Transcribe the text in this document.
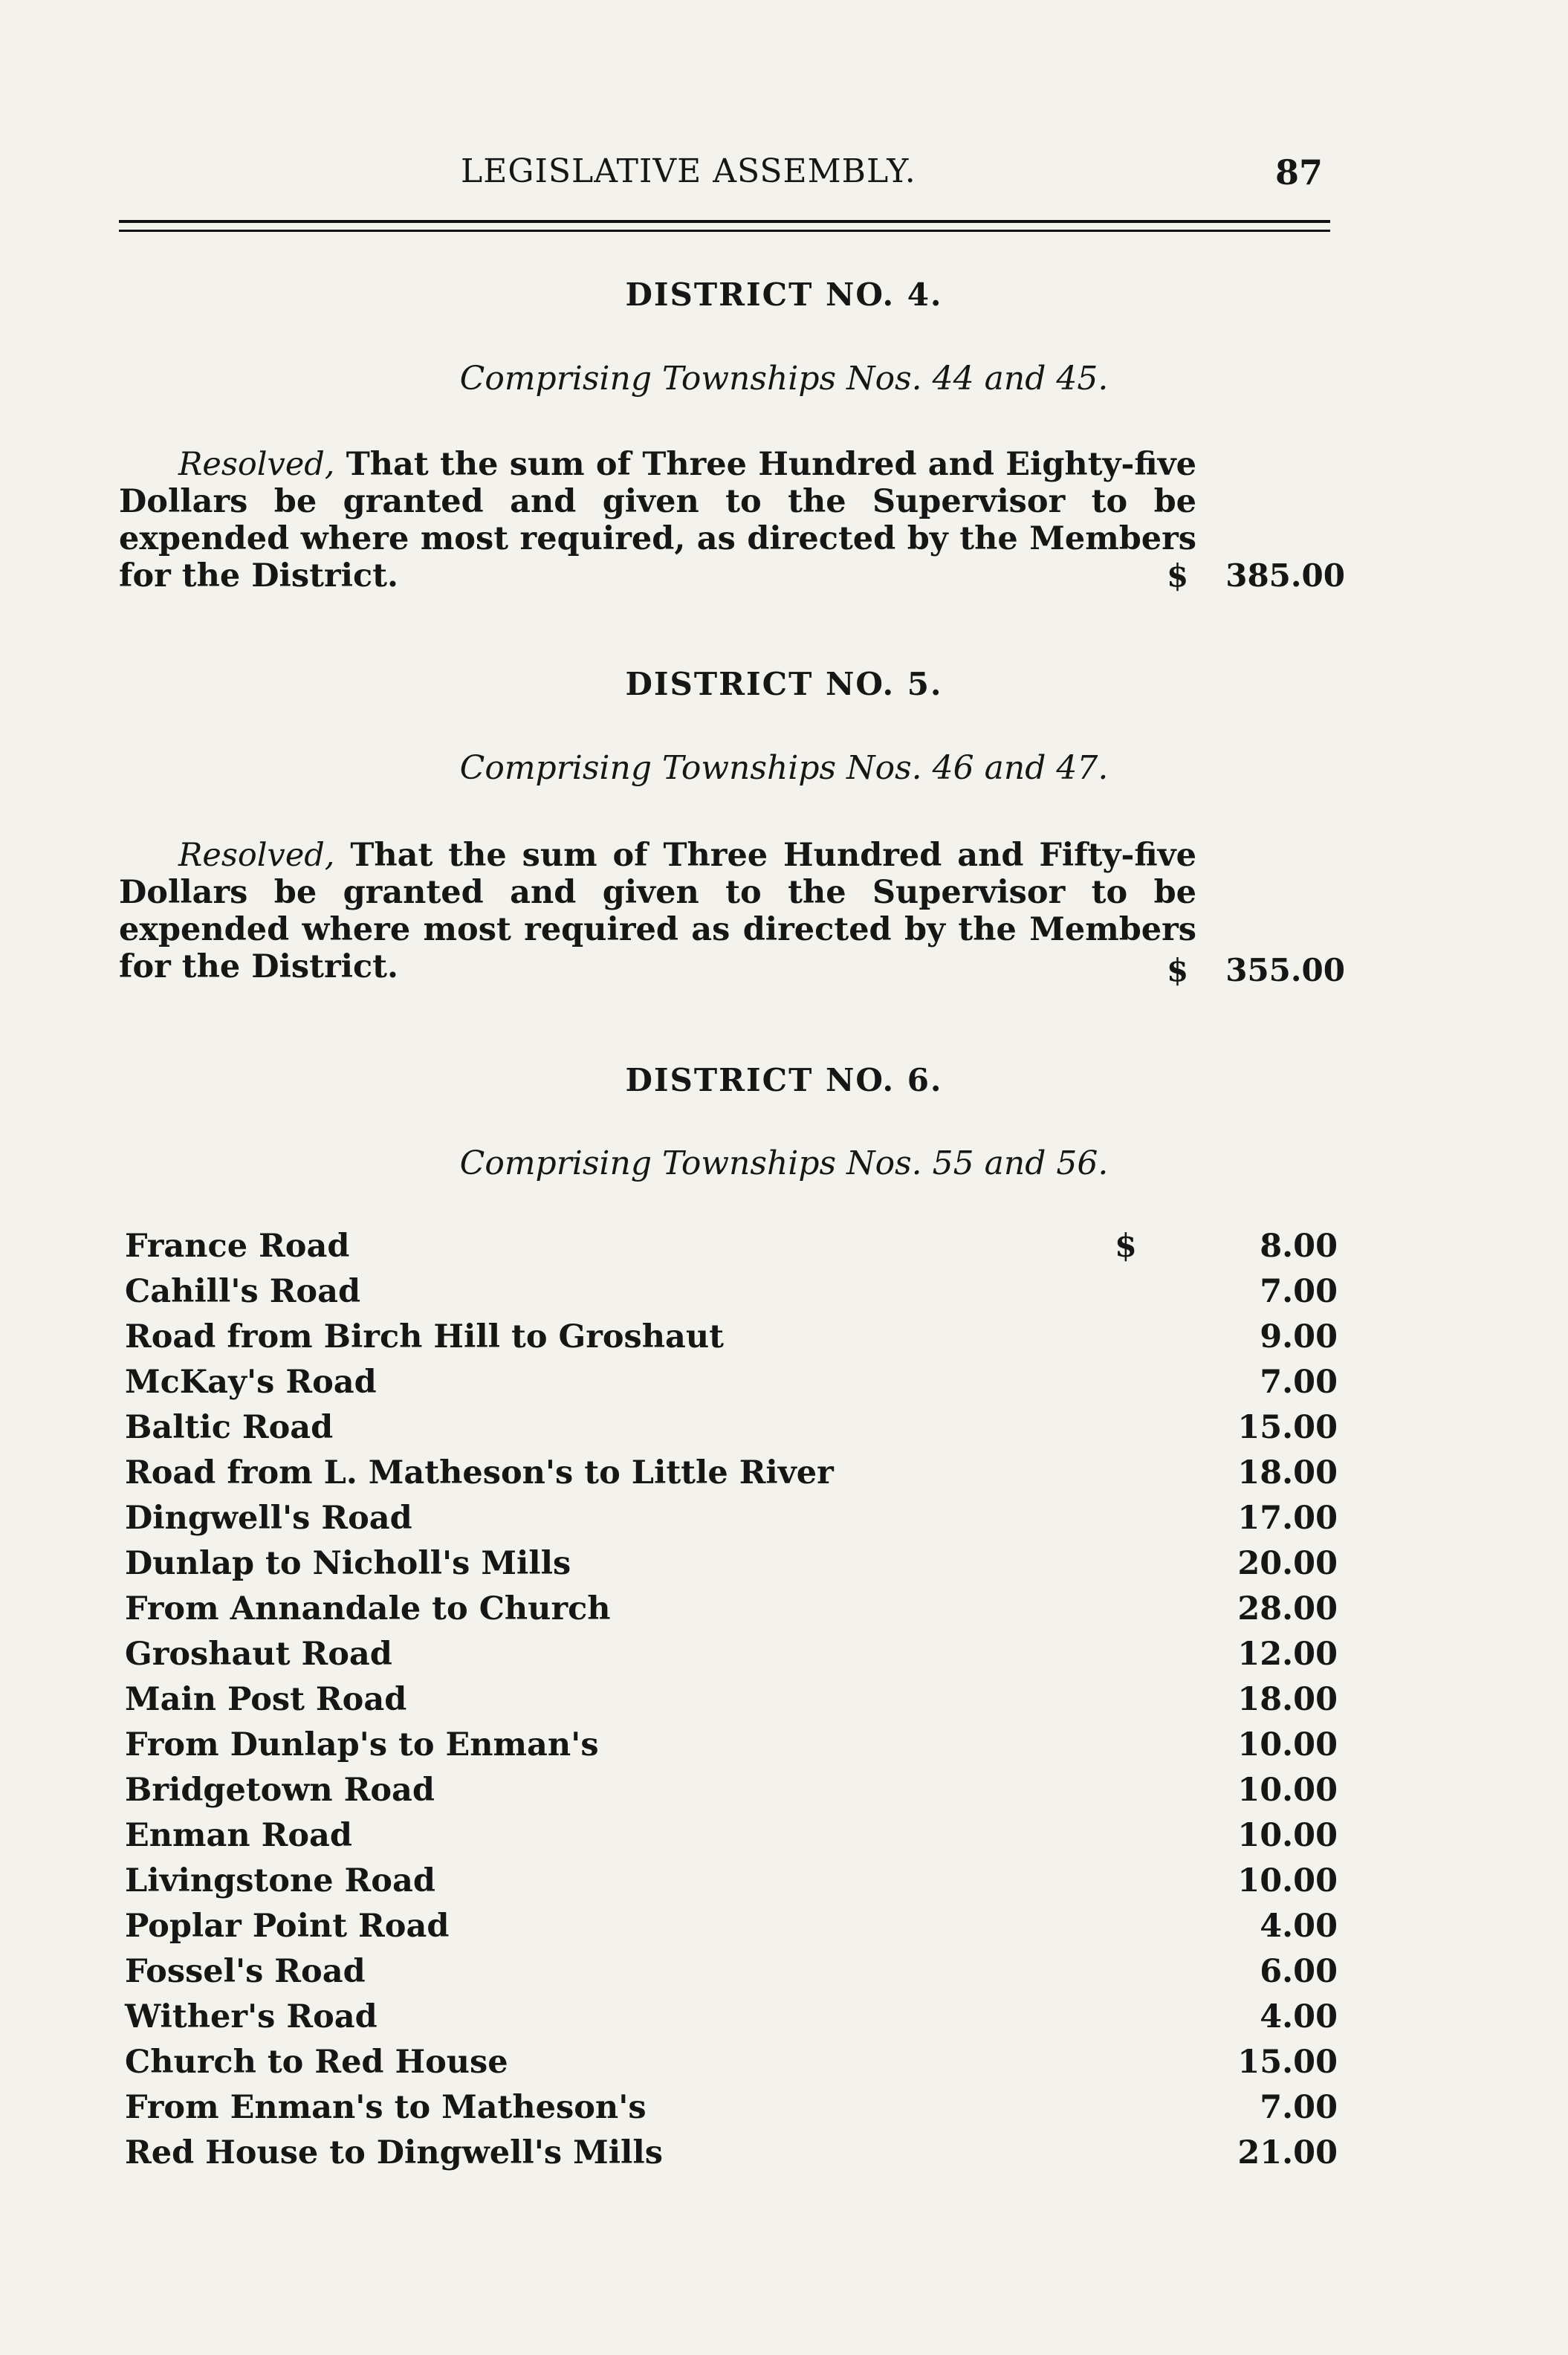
LEGISLATIVE ASSEMBLY.	87
DISTRICT NO. 4.
Comprising Townships Nos. 44 and 45.
Resolved, That the sum of Three Hundred and Eighty-five Dollars be granted and given to the Supervisor to be expended where most required, as directed by the Members for the District.	$ 385.00
DISTRICT NO. 5.
Comprising Townships Nos. 46 and 47.
Resolved, That the sum of Three Hundred and Fifty-five Dollars be granted and given to the Supervisor to be expended where most required as directed by the Members for the District.	$ 355.00
DISTRICT NO. 6.
Comprising Townships Nos. 55 and 56.
France Road	$	8.00
Cahill's Road	7.00
Road from Birch Hill to Groshaut	9.00
McKay's Road	7.00
Baltic Road	15.00
Road from L. Matheson's to Little River	18.00
Dingwell's Road	17.00
Dunlap to Nicholl's Mills	20.00
From Annandale to Church	28.00
Groshaut Road	12.00
Main Post Road	18.00
From Dunlap's to Enman's	10.00
Bridgetown Road	10.00
Enman Road	10.00
Livingstone Road	10.00
Poplar Point Road	4.00
Fossel's Road	6.00
Wither's Road	4.00
Church to Red House	15.00
From Enman's to Matheson's	7.00
Red House to Dingwell's Mills	21.00
